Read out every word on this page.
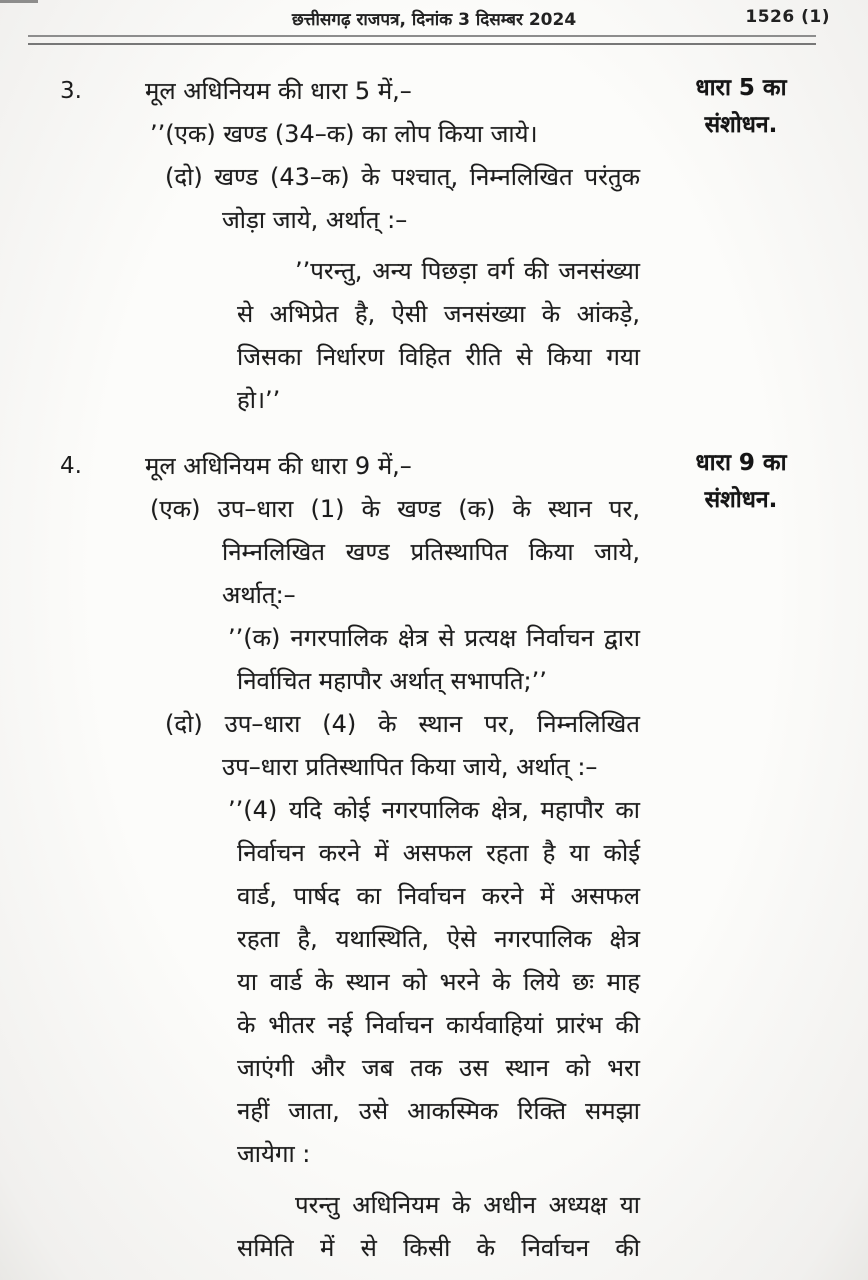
छत्तीसगढ़ राजपत्र, दिनांक 3 दिसम्बर 2024	1526 (1)
3.	धारा 5 का
संशोधन.
मूल अधिनियम की धारा 5 में,–
’’(एक) खण्ड (34–क) का लोप किया जाये।
(दो) खण्ड (43–क) के पश्चात्, निम्नलिखित परंतुक
जोड़ा जाये, अर्थात् :–
’’परन्तु, अन्य पिछड़ा वर्ग की जनसंख्या
से अभिप्रेत है, ऐसी जनसंख्या के आंकड़े,
जिसका निर्धारण विहित रीति से किया गया
हो।’’
4.	धारा 9 का
संशोधन.
मूल अधिनियम की धारा 9 में,–
(एक) उप–धारा (1) के खण्ड (क) के स्थान पर,
निम्नलिखित खण्ड प्रतिस्थापित किया जाये,
अर्थात्:–
’’(क) नगरपालिक क्षेत्र से प्रत्यक्ष निर्वाचन द्वारा
निर्वाचित महापौर अर्थात् सभापति;’’
(दो) उप–धारा (4) के स्थान पर, निम्नलिखित
उप–धारा प्रतिस्थापित किया जाये, अर्थात् :–
’’(4) यदि कोई नगरपालिक क्षेत्र, महापौर का
निर्वाचन करने में असफल रहता है या कोई
वार्ड, पार्षद का निर्वाचन करने में असफल
रहता है, यथास्थिति, ऐसे नगरपालिक क्षेत्र
या वार्ड के स्थान को भरने के लिये छः माह
के भीतर नई निर्वाचन कार्यवाहियां प्रारंभ की
जाएंगी और जब तक उस स्थान को भरा
नहीं जाता, उसे आकस्मिक रिक्ति समझा
जायेगा :
परन्तु अधिनियम के अधीन अध्यक्ष या
समिति में से किसी के निर्वाचन की
